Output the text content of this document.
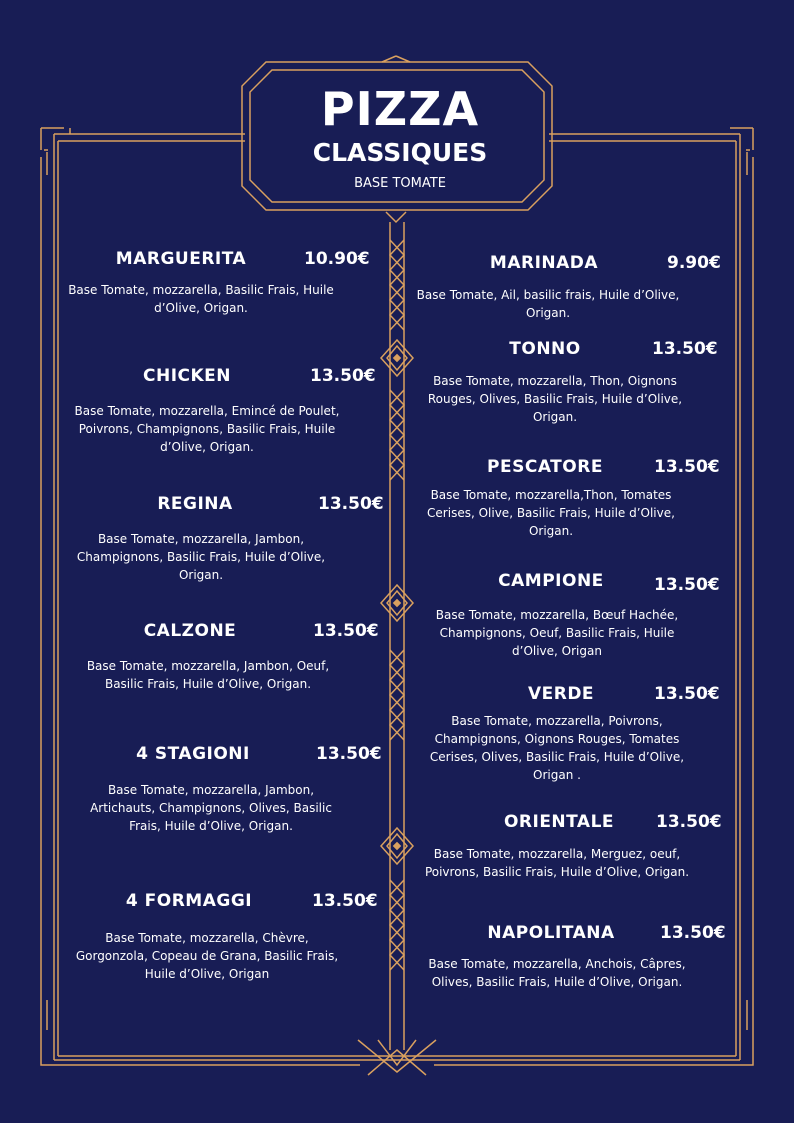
PIZZA
CLASSIQUES
BASE TOMATE
MARGUERITA	10.90€
Base Tomate, mozzarella, Basilic Frais, Huile d’Olive, Origan.
CHICKEN	13.50€
Base Tomate, mozzarella, Emincé de Poulet, Poivrons, Champignons, Basilic Frais, Huile d’Olive, Origan.
REGINA	13.50€
Base Tomate, mozzarella, Jambon, Champignons, Basilic Frais, Huile d’Olive, Origan.
CALZONE	13.50€
Base Tomate, mozzarella, Jambon, Oeuf, Basilic Frais, Huile d’Olive, Origan.
4 STAGIONI	13.50€
Base Tomate, mozzarella, Jambon, Artichauts, Champignons, Olives, Basilic Frais, Huile d’Olive, Origan.
4 FORMAGGI	13.50€
Base Tomate, mozzarella, Chèvre, Gorgonzola, Copeau de Grana, Basilic Frais, Huile d’Olive, Origan
MARINADA	9.90€
Base Tomate, Ail, basilic frais, Huile d’Olive, Origan.
TONNO	13.50€
Base Tomate, mozzarella, Thon, Oignons Rouges, Olives, Basilic Frais, Huile d’Olive, Origan.
PESCATORE	13.50€
Base Tomate, mozzarella,Thon, Tomates Cerises, Olive, Basilic Frais, Huile d’Olive, Origan.
CAMPIONE	13.50€
Base Tomate, mozzarella, Bœuf Hachée, Champignons, Oeuf, Basilic Frais, Huile d’Olive, Origan
VERDE	13.50€
Base Tomate, mozzarella, Poivrons, Champignons, Oignons Rouges, Tomates Cerises, Olives, Basilic Frais, Huile d’Olive, Origan .
ORIENTALE	13.50€
Base Tomate, mozzarella, Merguez, oeuf, Poivrons, Basilic Frais, Huile d’Olive, Origan.
NAPOLITANA	13.50€
Base Tomate, mozzarella, Anchois, Câpres, Olives, Basilic Frais, Huile d’Olive, Origan.
